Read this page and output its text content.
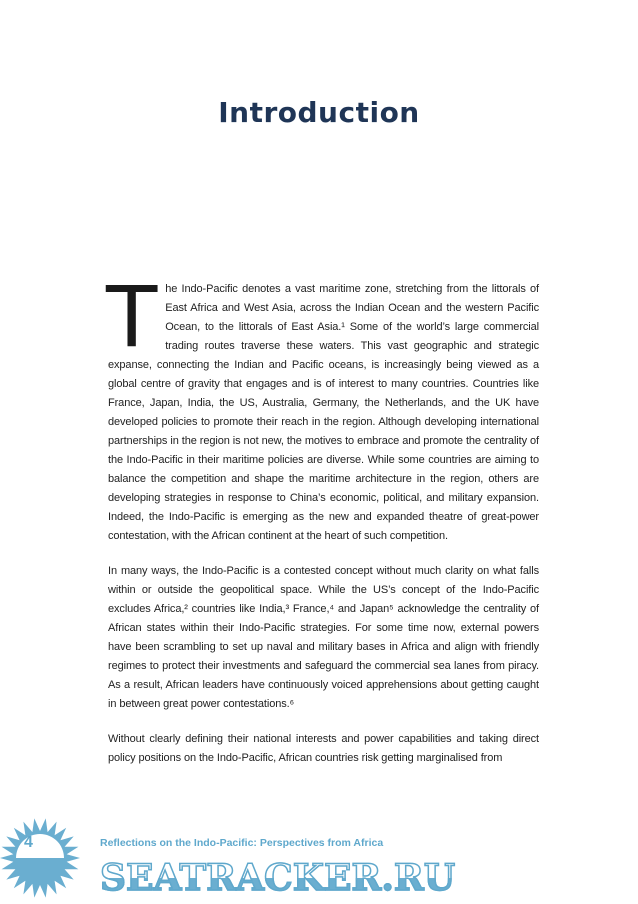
Introduction

The Indo-Pacific denotes a vast maritime zone, stretching from the littorals of East Africa and West Asia, across the Indian Ocean and the western Pacific Ocean, to the littorals of East Asia.¹ Some of the world’s large commercial trading routes traverse these waters. This vast geographic and strategic expanse, connecting the Indian and Pacific oceans, is increasingly being viewed as a global centre of gravity that engages and is of interest to many countries. Countries like France, Japan, India, the US, Australia, Germany, the Netherlands, and the UK have developed policies to promote their reach in the region. Although developing international partnerships in the region is not new, the motives to embrace and promote the centrality of the Indo-Pacific in their maritime policies are diverse. While some countries are aiming to balance the competition and shape the maritime architecture in the region, others are developing strategies in response to China’s economic, political, and military expansion. Indeed, the Indo-Pacific is emerging as the new and expanded theatre of great-power contestation, with the African continent at the heart of such competition.

In many ways, the Indo-Pacific is a contested concept without much clarity on what falls within or outside the geopolitical space. While the US’s concept of the Indo-Pacific excludes Africa,² countries like India,³ France,⁴ and Japan⁵ acknowledge the centrality of African states within their Indo-Pacific strategies. For some time now, external powers have been scrambling to set up naval and military bases in Africa and align with friendly regimes to protect their investments and safeguard the commercial sea lanes from piracy. As a result, African leaders have continuously voiced apprehensions about getting caught in between great power contestations.⁶

Without clearly defining their national interests and power capabilities and taking direct policy positions on the Indo-Pacific, African countries risk getting marginalised from

4	Reflections on the Indo-Pacific: Perspectives from Africa
SEATRACKER.RU
